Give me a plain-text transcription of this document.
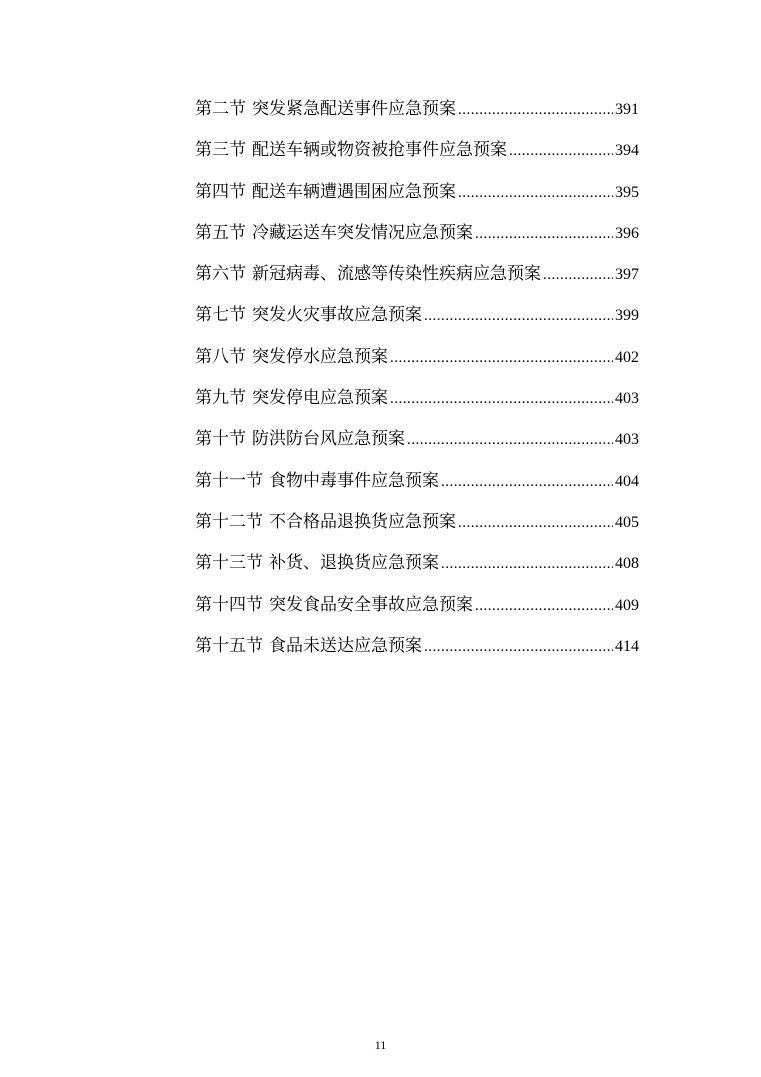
第二节 突发紧急配送事件应急预案 .....	391
第三节 配送车辆或物资被抢事件应急预案 .....	394
第四节 配送车辆遭遇围困应急预案 .....	395
第五节 冷藏运送车突发情况应急预案 .....	396
第六节 新冠病毒、流感等传染性疾病应急预案 .....	397
第七节 突发火灾事故应急预案 .....	399
第八节 突发停水应急预案 .....	402
第九节 突发停电应急预案 .....	403
第十节 防洪防台风应急预案 .....	403
第十一节 食物中毒事件应急预案 .....	404
第十二节 不合格品退换货应急预案 .....	405
第十三节 补货、退换货应急预案 .....	408
第十四节 突发食品安全事故应急预案 .....	409
第十五节 食品未送达应急预案 .....	414
11
